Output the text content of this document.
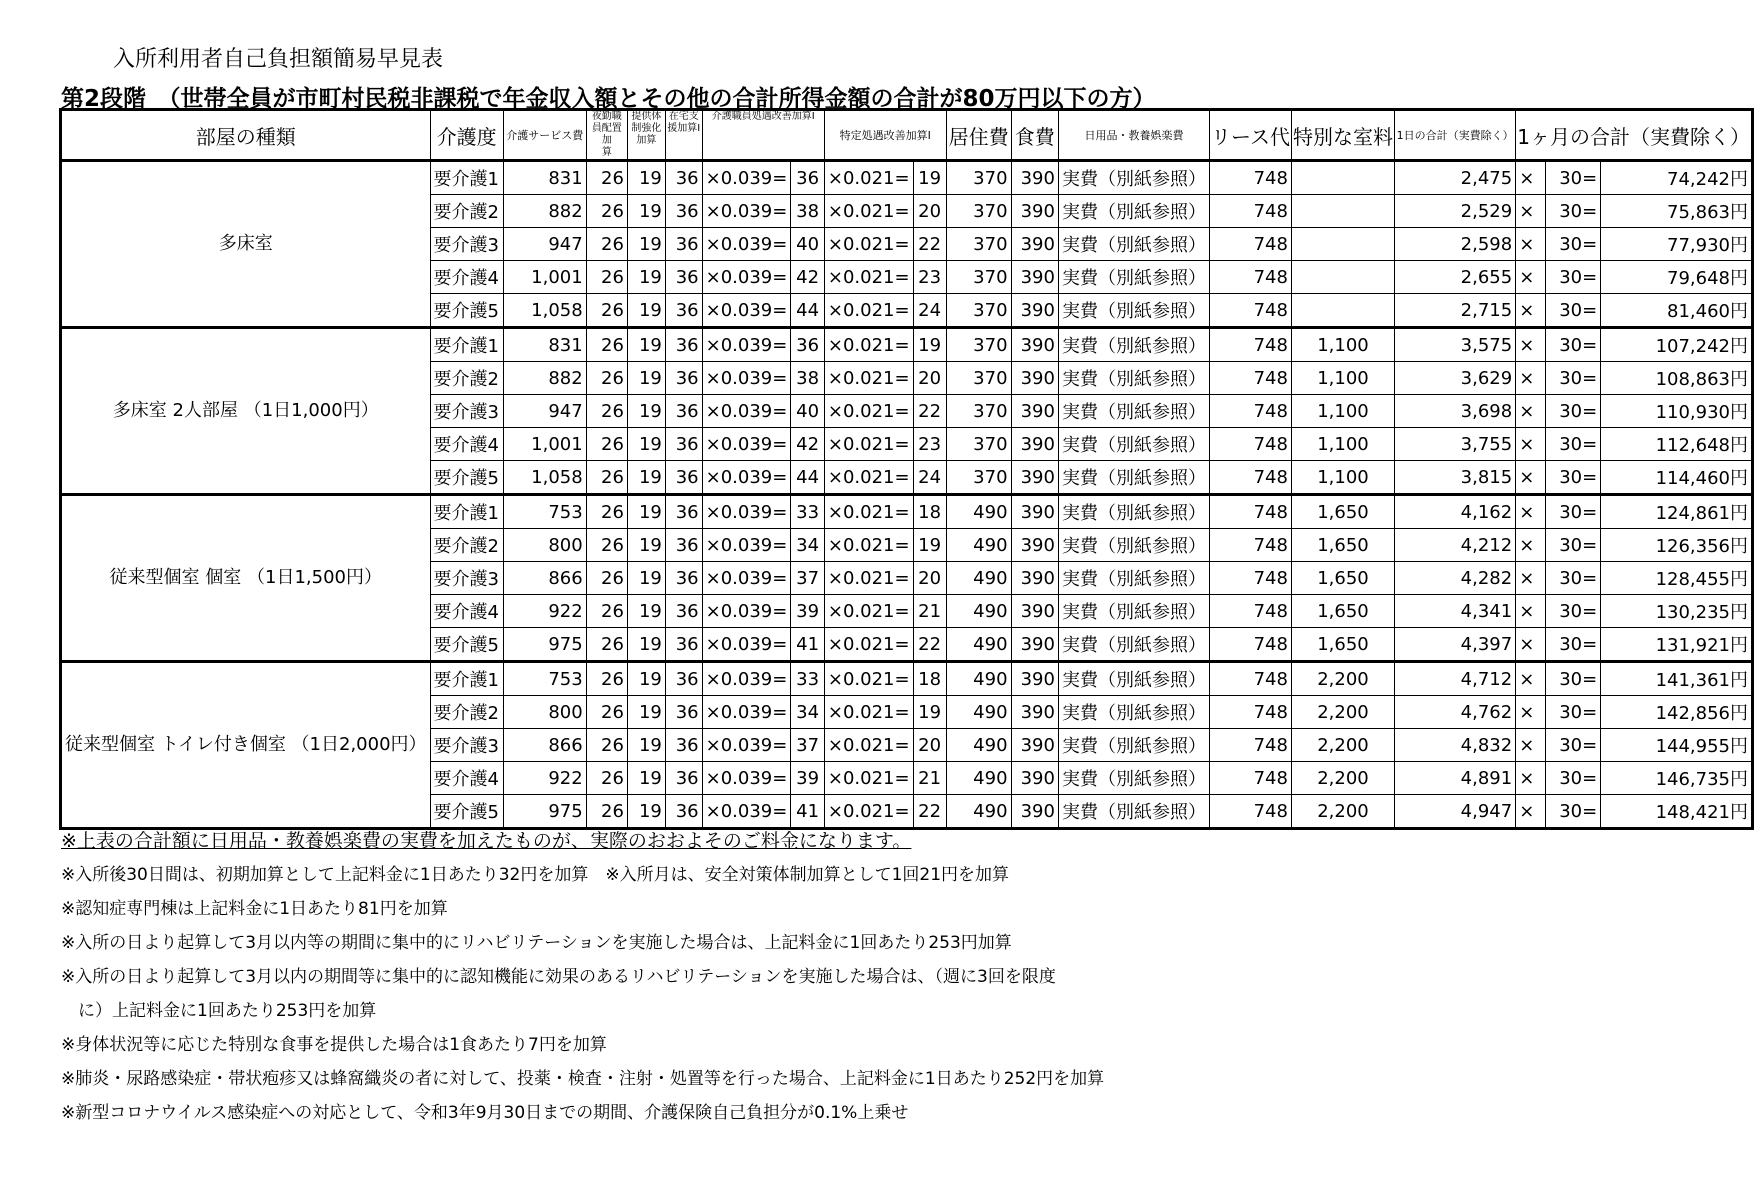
入所利用者自己負担額簡易早見表
第2段階　（世帯全員が市町村民税非課税で年金収入額とその他の合計所得金額の合計が80万円以下の方）
部屋の種類	介護度	介護サービス費	夜勤職員配置加　　算	提供体制強化加算	在宅支援加算Ⅰ	介護職員処遇改善加算Ⅰ		特定処遇改善加算Ⅰ		居住費	食費	日用品・教養娯楽費	リース代	特別な室料	1日の合計（実費除く）	1ヶ月の合計（実費除く）		
多床室	要介護1	831	26	19	36	×0.039=	36	×0.021=	19	370	390	実費（別紙参照）	748		2,475	×	30=	74,242円
	要介護2	882	26	19	36	×0.039=	38	×0.021=	20	370	390	実費（別紙参照）	748		2,529	×	30=	75,863円
	要介護3	947	26	19	36	×0.039=	40	×0.021=	22	370	390	実費（別紙参照）	748		2,598	×	30=	77,930円
	要介護4	1,001	26	19	36	×0.039=	42	×0.021=	23	370	390	実費（別紙参照）	748		2,655	×	30=	79,648円
	要介護5	1,058	26	19	36	×0.039=	44	×0.021=	24	370	390	実費（別紙参照）	748		2,715	×	30=	81,460円
多床室 2人部屋 （1日1,000円）	要介護1	831	26	19	36	×0.039=	36	×0.021=	19	370	390	実費（別紙参照）	748	1,100	3,575	×	30=	107,242円
	要介護2	882	26	19	36	×0.039=	38	×0.021=	20	370	390	実費（別紙参照）	748	1,100	3,629	×	30=	108,863円
	要介護3	947	26	19	36	×0.039=	40	×0.021=	22	370	390	実費（別紙参照）	748	1,100	3,698	×	30=	110,930円
	要介護4	1,001	26	19	36	×0.039=	42	×0.021=	23	370	390	実費（別紙参照）	748	1,100	3,755	×	30=	112,648円
	要介護5	1,058	26	19	36	×0.039=	44	×0.021=	24	370	390	実費（別紙参照）	748	1,100	3,815	×	30=	114,460円
従来型個室 個室 （1日1,500円）	要介護1	753	26	19	36	×0.039=	33	×0.021=	18	490	390	実費（別紙参照）	748	1,650	4,162	×	30=	124,861円
	要介護2	800	26	19	36	×0.039=	34	×0.021=	19	490	390	実費（別紙参照）	748	1,650	4,212	×	30=	126,356円
	要介護3	866	26	19	36	×0.039=	37	×0.021=	20	490	390	実費（別紙参照）	748	1,650	4,282	×	30=	128,455円
	要介護4	922	26	19	36	×0.039=	39	×0.021=	21	490	390	実費（別紙参照）	748	1,650	4,341	×	30=	130,235円
	要介護5	975	26	19	36	×0.039=	41	×0.021=	22	490	390	実費（別紙参照）	748	1,650	4,397	×	30=	131,921円
従来型個室 トイレ付き個室 （1日2,000円）	要介護1	753	26	19	36	×0.039=	33	×0.021=	18	490	390	実費（別紙参照）	748	2,200	4,712	×	30=	141,361円
	要介護2	800	26	19	36	×0.039=	34	×0.021=	19	490	390	実費（別紙参照）	748	2,200	4,762	×	30=	142,856円
	要介護3	866	26	19	36	×0.039=	37	×0.021=	20	490	390	実費（別紙参照）	748	2,200	4,832	×	30=	144,955円
	要介護4	922	26	19	36	×0.039=	39	×0.021=	21	490	390	実費（別紙参照）	748	2,200	4,891	×	30=	146,735円
	要介護5	975	26	19	36	×0.039=	41	×0.021=	22	490	390	実費（別紙参照）	748	2,200	4,947	×	30=	148,421円
※上表の合計額に日用品・教養娯楽費の実費を加えたものが、実際のおおよそのご料金になります。
※入所後30日間は、初期加算として上記料金に1日あたり32円を加算　※入所月は、安全対策体制加算として1回21円を加算
※認知症専門棟は上記料金に1日あたり81円を加算
※入所の日より起算して3月以内等の期間に集中的にリハビリテーションを実施した場合は、上記料金に1回あたり253円加算
※入所の日より起算して3月以内の期間等に集中的に認知機能に効果のあるリハビリテーションを実施した場合は、（週に3回を限度
　に）上記料金に1回あたり253円を加算
※身体状況等に応じた特別な食事を提供した場合は1食あたり7円を加算
※肺炎・尿路感染症・帯状疱疹又は蜂窩織炎の者に対して、投薬・検査・注射・処置等を行った場合、上記料金に1日あたり252円を加算
※新型コロナウイルス感染症への対応として、令和3年9月30日までの期間、介護保険自己負担分が0.1%上乗せ
